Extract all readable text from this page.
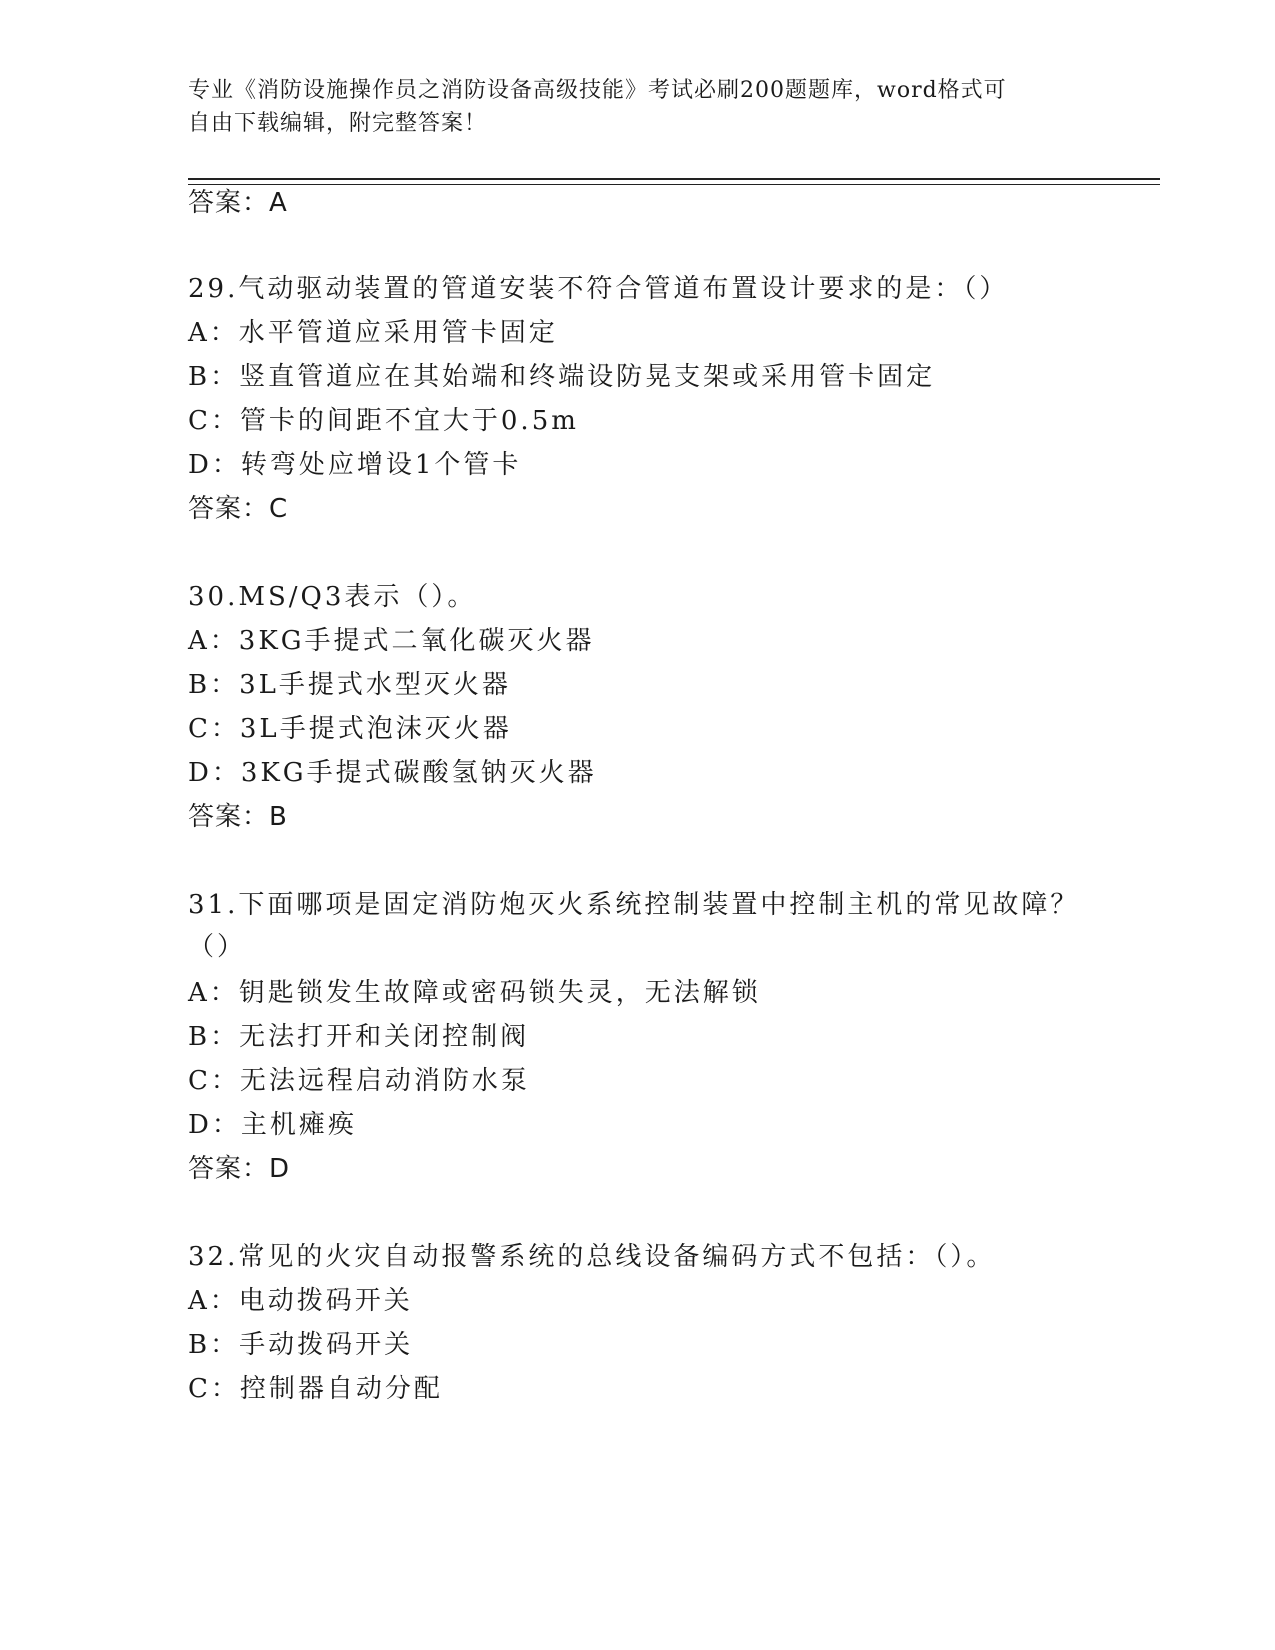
专业《消防设施操作员之消防设备高级技能》考试必刷200题题库，word格式可
自由下载编辑，附完整答案！
答案：A
29.气动驱动装置的管道安装不符合管道布置设计要求的是：（）
A：水平管道应采用管卡固定
B：竖直管道应在其始端和终端设防晃支架或采用管卡固定
C：管卡的间距不宜大于0.5m
D：转弯处应增设1个管卡
答案：C
30.MS/Q3表示（）。
A：3KG手提式二氧化碳灭火器
B：3L手提式水型灭火器
C：3L手提式泡沫灭火器
D：3KG手提式碳酸氢钠灭火器
答案：B
31.下面哪项是固定消防炮灭火系统控制装置中控制主机的常见故障？
（）
A：钥匙锁发生故障或密码锁失灵，无法解锁
B：无法打开和关闭控制阀
C：无法远程启动消防水泵
D：主机瘫痪
答案：D
32.常见的火灾自动报警系统的总线设备编码方式不包括：（）。
A：电动拨码开关
B：手动拨码开关
C：控制器自动分配
